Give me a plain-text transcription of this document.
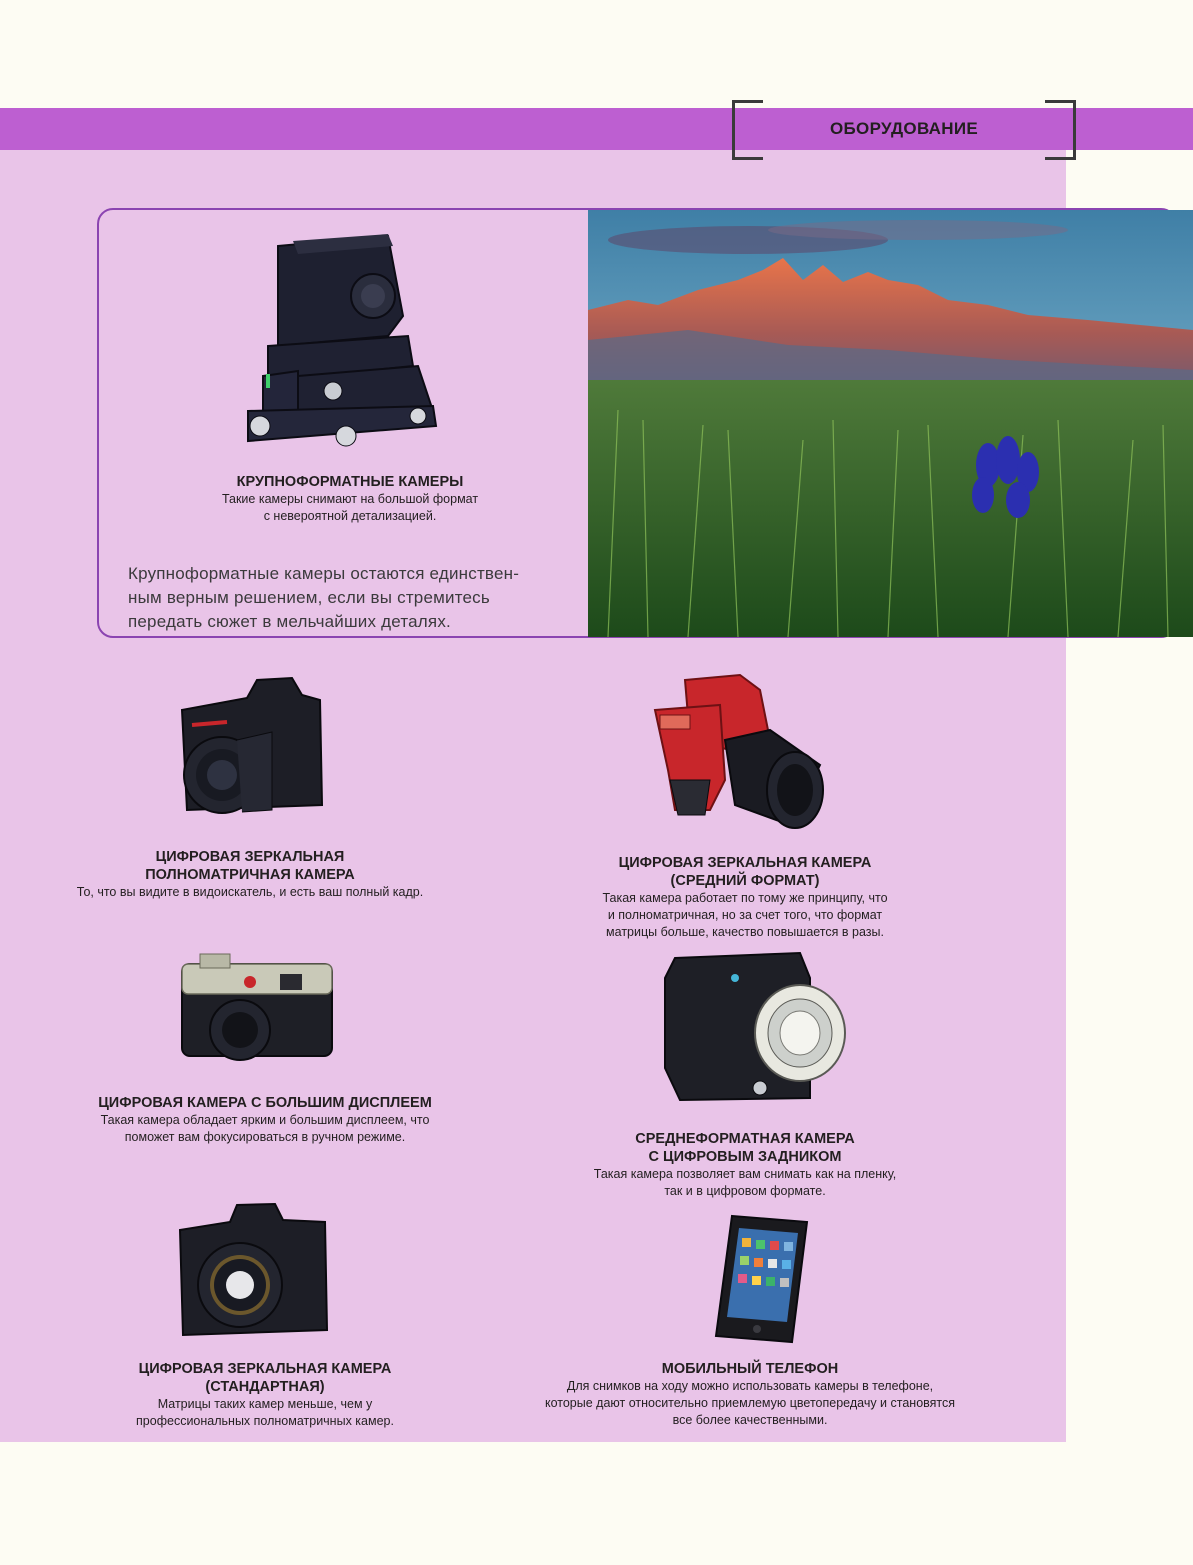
ОБОРУДОВАНИЕ
КРУПНОФОРМАТНЫЕ КАМЕРЫ
Такие камеры снимают на большой формат
с невероятной детализацией.
Крупноформатные камеры остаются единствен-
ным верным решением, если вы стремитесь
передать сюжет в мельчайших деталях.
ЦИФРОВАЯ ЗЕРКАЛЬНАЯ
ПОЛНОМАТРИЧНАЯ КАМЕРА
То, что вы видите в видоискатель, и есть ваш полный кадр.
ЦИФРОВАЯ ЗЕРКАЛЬНАЯ КАМЕРА
(СРЕДНИЙ ФОРМАТ)
Такая камера работает по тому же принципу, что
и полноматричная, но за счет того, что формат
матрицы больше, качество повышается в разы.
ЦИФРОВАЯ КАМЕРА С БОЛЬШИМ ДИСПЛЕЕМ
Такая камера обладает ярким и большим дисплеем, что
поможет вам фокусироваться в ручном режиме.	СРЕДНЕФОРМАТНАЯ КАМЕРА
С ЦИФРОВЫМ ЗАДНИКОМ
Такая камера позволяет вам снимать как на пленку,
так и в цифровом формате.
ЦИФРОВАЯ ЗЕРКАЛЬНАЯ КАМЕРА
(СТАНДАРТНАЯ)
Матрицы таких камер меньше, чем у
профессиональных полноматричных камер.
МОБИЛЬНЫЙ ТЕЛЕФОН
Для снимков на ходу можно использовать камеры в телефоне,
которые дают относительно приемлемую цветопередачу и становятся
все более качественными.
